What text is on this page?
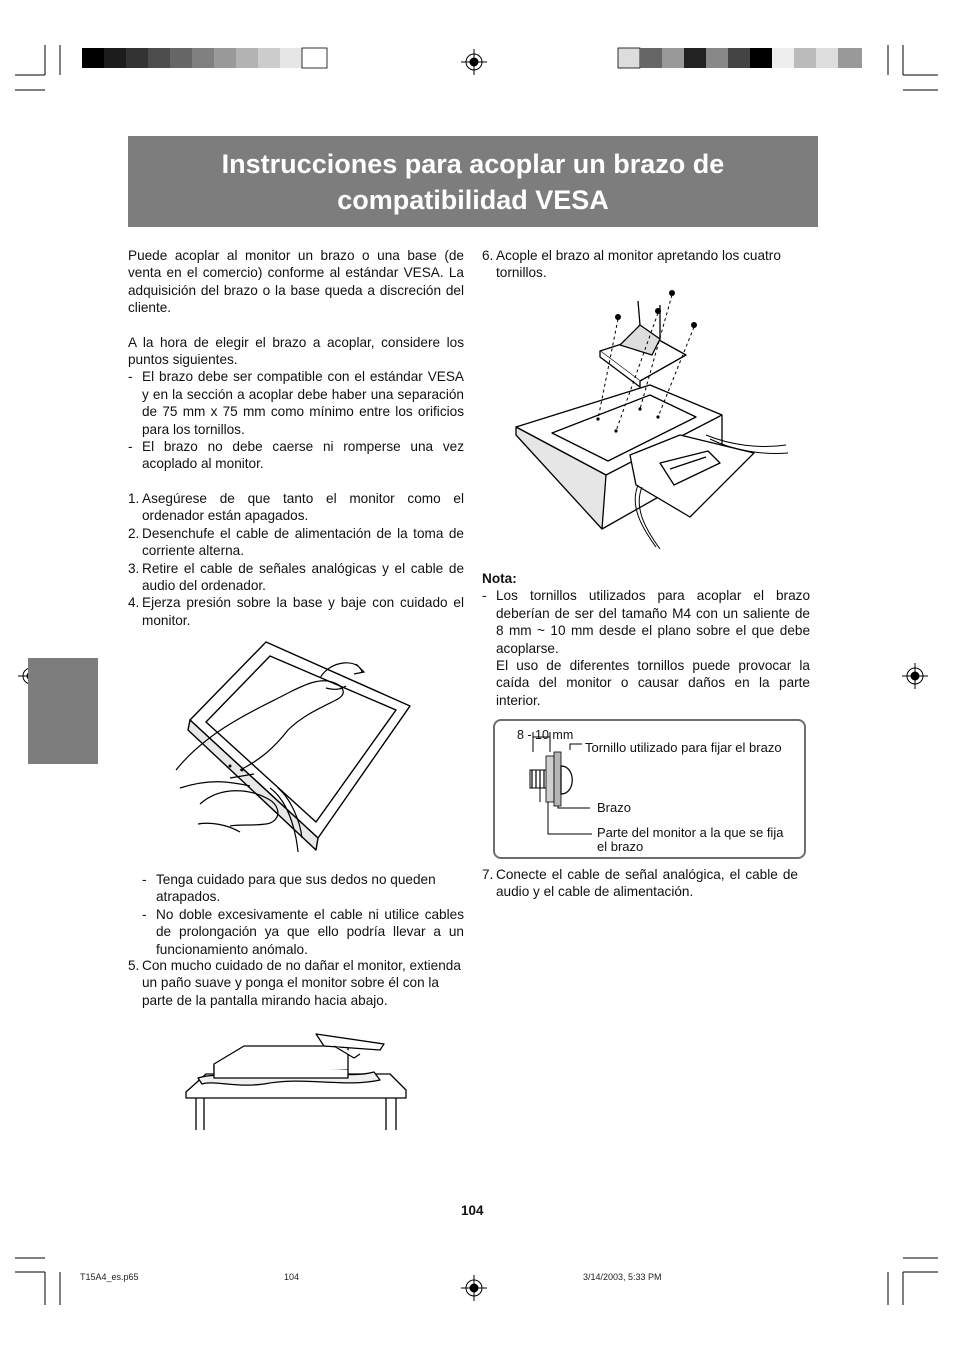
Instrucciones para acoplar un brazo de
compatibilidad VESA

Puede acoplar al monitor un brazo o una base (de venta en el comercio) conforme al estándar VESA. La adquisición del brazo o la base queda a discreción del cliente.

A la hora de elegir el brazo a acoplar, considere los puntos siguientes.

- El brazo debe ser compatible con el estándar VESA y en la sección a acoplar debe haber una separación de 75 mm x 75 mm como mínimo entre los orificios para los tornillos.

- El brazo no debe caerse ni romperse una vez acoplado al monitor.

1. Asegúrese de que tanto el monitor como el ordenador están apagados.

2. Desenchufe el cable de alimentación de la toma de corriente alterna.

3. Retire el cable de señales analógicas y el cable de audio del ordenador.

4. Ejerza presión sobre la base y baje con cuidado el monitor.

- Tenga cuidado para que sus dedos no queden atrapados.

- No doble excesivamente el cable ni utilice cables de prolongación ya que ello podría llevar a un funcionamiento anómalo.

5. Con mucho cuidado de no dañar el monitor, extienda un paño suave y ponga el monitor sobre él con la parte de la pantalla mirando hacia abajo.

6. Acople el brazo al monitor apretando los cuatro tornillos.

Nota:

- Los tornillos utilizados para acoplar el brazo deberían de ser del tamaño M4 con un saliente de 8 mm ~ 10 mm desde el plano sobre el que debe acoplarse.

El uso de diferentes tornillos puede provocar la caída del monitor o causar daños en la parte interior.

8 - 10 mm
Tornillo utilizado para fijar el brazo
Brazo
Parte del monitor a la que se fija el brazo

7. Conecte el cable de señal analógica, el cable de audio y el cable de alimentación.

104
T15A4_es.p65	104	3/14/2003, 5:33 PM
